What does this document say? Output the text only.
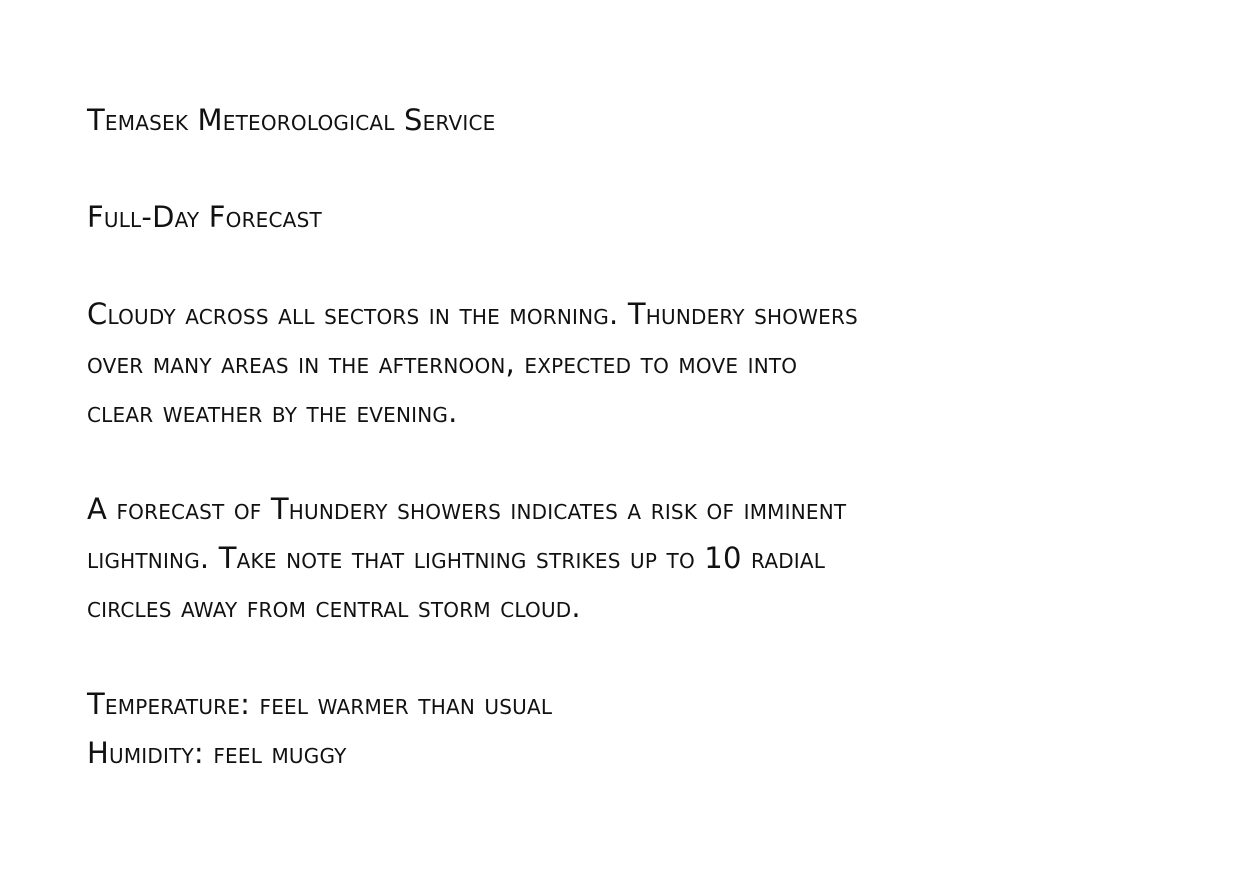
Temasek Meteorological Service
Full-Day Forecast
Cloudy across all sectors in the morning. Thundery showers
over many areas in the afternoon, expected to move into
clear weather by the evening.
A forecast of Thundery showers indicates a risk of imminent
lightning. Take note that lightning strikes up to 10 radial
circles away from central storm cloud.
Temperature: feel warmer than usual
Humidity: feel muggy
